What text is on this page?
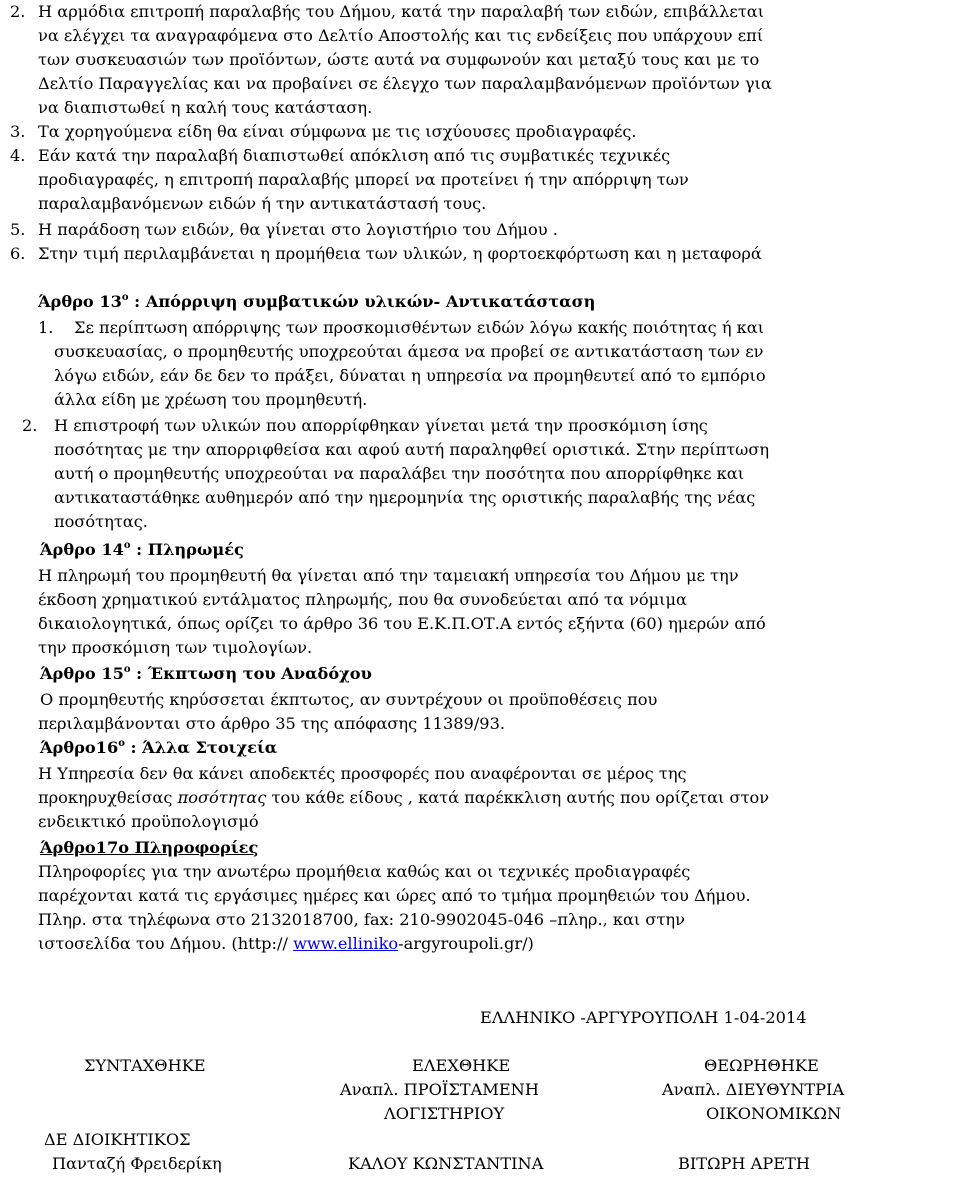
2. Η αρμόδια επιτροπή παραλαβής του Δήμου, κατά την παραλαβή των ειδών, επιβάλλεται
να ελέγχει τα αναγραφόμενα στο Δελτίο Αποστολής και τις ενδείξεις που υπάρχουν επί
των συσκευασιών των προϊόντων, ώστε αυτά να συμφωνούν και μεταξύ τους και με το
Δελτίο Παραγγελίας και να προβαίνει σε έλεγχο των παραλαμβανόμενων προϊόντων για
να διαπιστωθεί η καλή τους κατάσταση.
3. Τα χορηγούμενα είδη θα είναι σύμφωνα με τις ισχύουσες προδιαγραφές.
4. Εάν κατά την παραλαβή διαπιστωθεί απόκλιση από τις συμβατικές τεχνικές
προδιαγραφές, η επιτροπή παραλαβής μπορεί να προτείνει ή την απόρριψη των
παραλαμβανόμενων ειδών ή την αντικατάστασή τους.
5. Η παράδοση των ειδών, θα γίνεται στο λογιστήριο του Δήμου .
6. Στην τιμή περιλαμβάνεται η προμήθεια των υλικών, η φορτοεκφόρτωση και η μεταφορά
Άρθρο $13^o$ : Απόρριψη συμβατικών υλικών- Αντικατάσταση
1. Σε περίπτωση απόρριψης των προσκομισθέντων ειδών λόγω κακής ποιότητας ή και
συσκευασίας, ο προμηθευτής υποχρεούται άμεσα να προβεί σε αντικατάσταση των εν
λόγω ειδών, εάν δε δεν το πράξει, δύναται η υπηρεσία να προμηθευτεί από το εμπόριο
άλλα είδη με χρέωση του προμηθευτή.
2. Η επιστροφή των υλικών που απορρίφθηκαν γίνεται μετά την προσκόμιση ίσης
ποσότητας με την απορριφθείσα και αφού αυτή παραληφθεί οριστικά. Στην περίπτωση
αυτή ο προμηθευτής υποχρεούται να παραλάβει την ποσότητα που απορρίφθηκε και
αντικαταστάθηκε αυθημερόν από την ημερομηνία της οριστικής παραλαβής της νέας
ποσότητας.
Άρθρο $14^o$ : Πληρωμές
Η πληρωμή του προμηθευτή θα γίνεται από την ταμειακή υπηρεσία του Δήμου με την
έκδοση χρηματικού εντάλματος πληρωμής, που θα συνοδεύεται από τα νόμιμα
δικαιολογητικά, όπως ορίζει το άρθρο 36 του Ε.Κ.Π.ΟΤ.Α εντός εξήντα (60) ημερών από
την προσκόμιση των τιμολογίων.
Άρθρο $15^o$ : Έκπτωση του Αναδόχου
Ο προμηθευτής κηρύσσεται έκπτωτος, αν συντρέχουν οι προϋποθέσεις που
περιλαμβάνονται στο άρθρο 35 της απόφασης 11389/93.
$Ά\rho\theta\rho o16^o$ : Άλλα Στοιχεία
Η Υπηρεσία δεν θα κάνει αποδεκτές προσφορές που αναφέρονται σε μέρος της
προκηρυχθείσας ποσότητας του κάθε είδους , κατά παρέκκλιση αυτής που ορίζεται στον
ενδεικτικό προϋπολογισμό
Άρθρο17ο Πληροφορίες
Πληροφορίες για την ανωτέρω προμήθεια καθώς και οι τεχνικές προδιαγραφές
παρέχονται κατά τις εργάσιμες ημέρες και ώρες από το τμήμα προμηθειών του Δήμου.
Πληρ. στα τηλέφωνα στο 2132018700, fax: 210-9902045-046 –πληρ., και στην
ιστοσελίδα του Δήμου. (http:// www.elliniko-argyroupoli.gr/)
ΕΛΛΗΝΙΚΟ -ΑΡΓΥΡΟΥΠΟΛΗ 1-04-2014
ΣΥΝΤΑΧΘΗΚΕ
ΔΕ ΔΙΟΙΚΗΤΙΚΟΣ
Πανταζή Φρειδερίκη
ΕΛΕΧΘΗΚΕ
Αναπλ. ΠΡΟΪΣΤΑΜΕΝΗ
ΛΟΓΙΣΤΗΡΙΟΥ
ΚΑΛΟΥ ΚΩΝΣΤΑΝΤΙΝΑ
ΘΕΩΡΗΘΗΚΕ
Αναπλ. ΔΙΕΥΘΥΝΤΡΙΑ
ΟΙΚΟΝΟΜΙΚΩΝ
ΒΙΤΩΡΗ ΑΡΕΤΗ
